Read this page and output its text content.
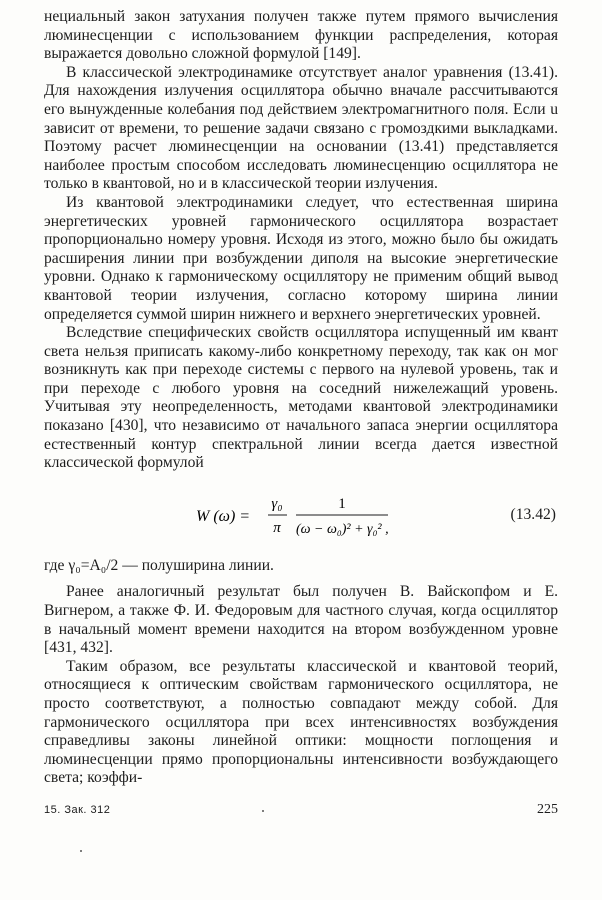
нециальный закон затухания получен также путем прямого вычисления люминесценции с использованием функции распределения, которая выражается довольно сложной формулой [149].

В классической электродинамике отсутствует аналог уравнения (13.41). Для нахождения излучения осциллятора обычно вначале рассчитываются его вынужденные колебания под действием электромагнитного поля. Если u зависит от времени, то решение задачи связано с громоздкими выкладками. Поэтому расчет люминесценции на основании (13.41) представляется наиболее простым способом исследовать люминесценцию осциллятора не только в квантовой, но и в классической теории излучения.

Из квантовой электродинамики следует, что естественная ширина энергетических уровней гармонического осциллятора возрастает пропорционально номеру уровня. Исходя из этого, можно было бы ожидать расширения линии при возбуждении диполя на высокие энергетические уровни. Однако к гармоническому осциллятору не применим общий вывод квантовой теории излучения, согласно которому ширина линии определяется суммой ширин нижнего и верхнего энергетических уровней.

Вследствие специфических свойств осциллятора испущенный им квант света нельзя приписать какому-либо конкретному переходу, так как он мог возникнуть как при переходе системы с первого на нулевой уровень, так и при переходе с любого уровня на соседний нижележащий уровень. Учитывая эту неопределенность, методами квантовой электродинамики показано [430], что независимо от начального запаса энергии осциллятора естественный контур спектральной линии всегда дается известной классической формулой

W (ω) =
γ₀
π
1
(ω − ω₀)² + γ₀² ,
(13.42)

где γ₀=A₀/2 — полуширина линии.

Ранее аналогичный результат был получен В. Вайскопфом и Е. Вигнером, а также Ф. И. Федоровым для частного случая, когда осциллятор в начальный момент времени находится на втором возбужденном уровне [431, 432].

Таким образом, все результаты классической и квантовой теорий, относящиеся к оптическим свойствам гармонического осциллятора, не просто соответствуют, а полностью совпадают между собой. Для гармонического осциллятора при всех интенсивностях возбуждения справедливы законы линейной оптики: мощности поглощения и люминесценции прямо пропорциональны интенсивности возбуждающего света; коэффи-

15. Зак. 312	225
